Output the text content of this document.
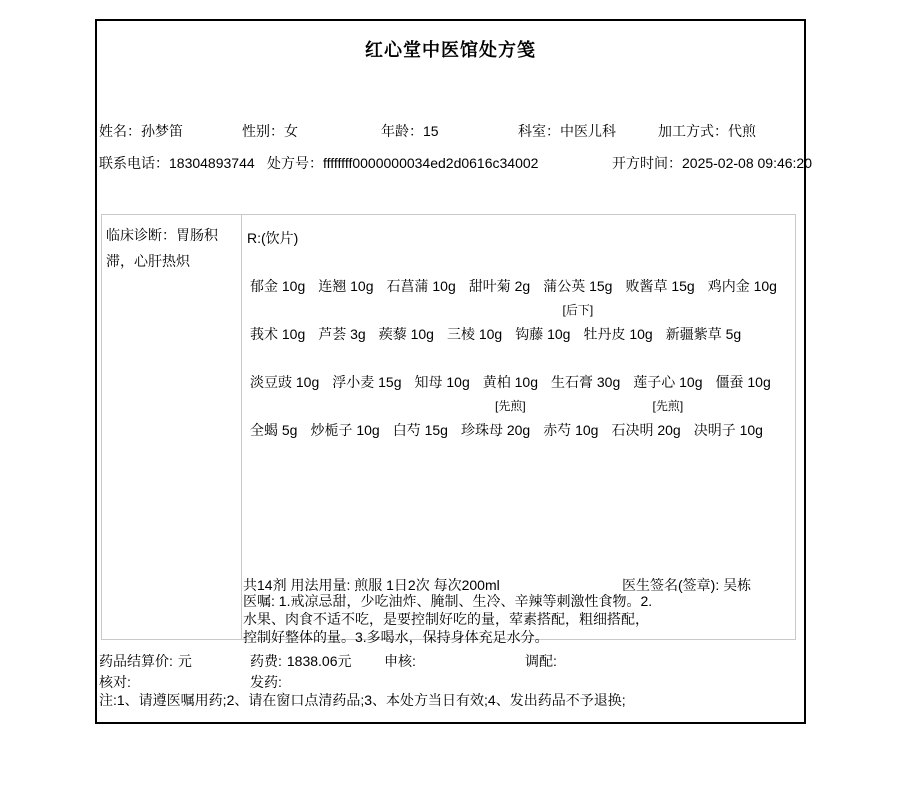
红心堂中医馆处方笺
姓名：孙梦笛	性别：女	年龄：15	科室：中医儿科	加工方式：代煎
联系电话：18304893744 处方号：ffffffff0000000034ed2d0616c34002	开方时间：2025-02-08 09:46:20
临床诊断：胃肠积滞，心肝热炽
R:(饮片)
郁金 10g 连翘 10g 石菖蒲 10g 甜叶菊 2g 蒲公英 15g
[后下]
败酱草 15g 鸡内金 10g
莪术 10g 芦荟 3g 蒺藜 10g 三棱 10g 钩藤 10g 牡丹皮 10g 新疆紫草 5g
淡豆豉 10g 浮小麦 15g 知母 10g 黄柏 10g
[先煎]
生石膏 30g 莲子心 10g
[先煎]
僵蚕 10g
全蝎 5g 炒栀子 10g 白芍 15g 珍珠母 20g 赤芍 10g 石决明 20g 决明子 10g
共14剂 用法用量: 煎服 1日2次 每次200ml	医生签名(签章): 吴栋
医嘱: 1.戒凉忌甜，少吃油炸、腌制、生冷、辛辣等刺激性食物。2.
水果、肉食不适不吃，是要控制好吃的量，荤素搭配，粗细搭配，
控制好整体的量。3.多喝水，保持身体充足水分。
药品结算价: 元	药费: 1838.06元 申核:	调配:
核对:	发药:
注:1、请遵医嘱用药;2、请在窗口点清药品;3、本处方当日有效;4、发出药品不予退换;
